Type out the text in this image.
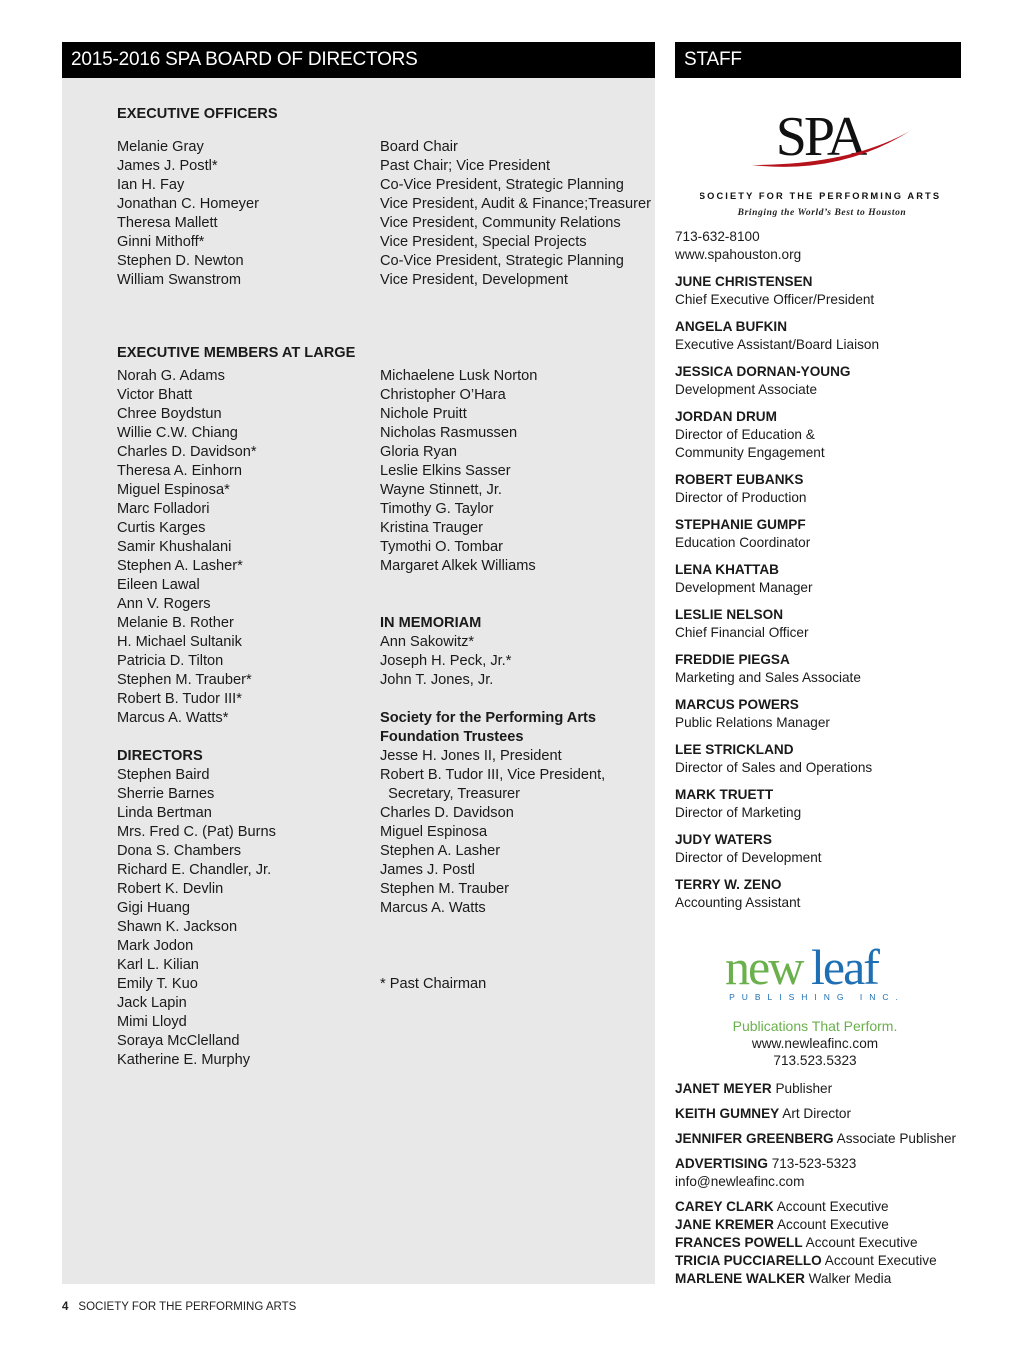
2015-2016 SPA BOARD OF DIRECTORS	STAFF
EXECUTIVE OFFICERS
Melanie Gray	Board Chair
James J. Postl*	Past Chair; Vice President
Ian H. Fay	Co-Vice President, Strategic Planning
Jonathan C. Homeyer	Vice President, Audit & Finance;Treasurer
Theresa Mallett	Vice President, Community Relations
Ginni Mithoff*	Vice President, Special Projects
Stephen D. Newton	Co-Vice President, Strategic Planning
William Swanstrom	Vice President, Development
EXECUTIVE MEMBERS AT LARGE
Norah G. Adams
Victor Bhatt
Chree Boydstun
Willie C.W. Chiang
Charles D. Davidson*
Theresa A. Einhorn
Miguel Espinosa*
Marc Folladori
Curtis Karges
Samir Khushalani
Stephen A. Lasher*
Eileen Lawal
Ann V. Rogers
Melanie B. Rother
H. Michael Sultanik
Patricia D. Tilton
Stephen M. Trauber*
Robert B. Tudor III*
Marcus A. Watts*
Michaelene Lusk Norton
Christopher O’Hara
Nichole Pruitt
Nicholas Rasmussen
Gloria Ryan
Leslie Elkins Sasser
Wayne Stinnett, Jr.
Timothy G. Taylor
Kristina Trauger
Tymothi O. Tombar
Margaret Alkek Williams
DIRECTORS
Stephen Baird
Sherrie Barnes
Linda Bertman
Mrs. Fred C. (Pat) Burns
Dona S. Chambers
Richard E. Chandler, Jr.
Robert K. Devlin
Gigi Huang
Shawn K. Jackson
Mark Jodon
Karl L. Kilian
Emily T. Kuo
Jack Lapin
Mimi Lloyd
Soraya McClelland
Katherine E. Murphy
IN MEMORIAM
Ann Sakowitz*
Joseph H. Peck, Jr.*
John T. Jones, Jr.
Society for the Performing Arts
Foundation Trustees
Jesse H. Jones II, President
Robert B. Tudor III, Vice President,
Secretary, Treasurer
Charles D. Davidson
Miguel Espinosa
Stephen A. Lasher
James J. Postl
Stephen M. Trauber
Marcus A. Watts
* Past Chairman
SPA
SOCIETY FOR THE PERFORMING ARTS
Bringing the World’s Best to Houston
713-632-8100
www.spahouston.org
JUNE CHRISTENSEN
Chief Executive Officer/President
ANGELA BUFKIN
Executive Assistant/Board Liaison
JESSICA DORNAN-YOUNG
Development Associate
JORDAN DRUM
Director of Education &
Community Engagement
ROBERT EUBANKS
Director of Production
STEPHANIE GUMPF
Education Coordinator
LENA KHATTAB
Development Manager
LESLIE NELSON
Chief Financial Officer
FREDDIE PIEGSA
Marketing and Sales Associate
MARCUS POWERS
Public Relations Manager
LEE STRICKLAND
Director of Sales and Operations
MARK TRUETT
Director of Marketing
JUDY WATERS
Director of Development
TERRY W. ZENO
Accounting Assistant
new leaf
PUBLISHING INC.
Publications That Perform.
www.newleafinc.com
713.523.5323
JANET MEYER Publisher
KEITH GUMNEY Art Director
JENNIFER GREENBERG Associate Publisher
ADVERTISING 713-523-5323
info@newleafinc.com
CAREY CLARK Account Executive
JANE KREMER Account Executive
FRANCES POWELL Account Executive
TRICIA PUCCIARELLO Account Executive
MARLENE WALKER Walker Media
4 SOCIETY FOR THE PERFORMING ARTS
